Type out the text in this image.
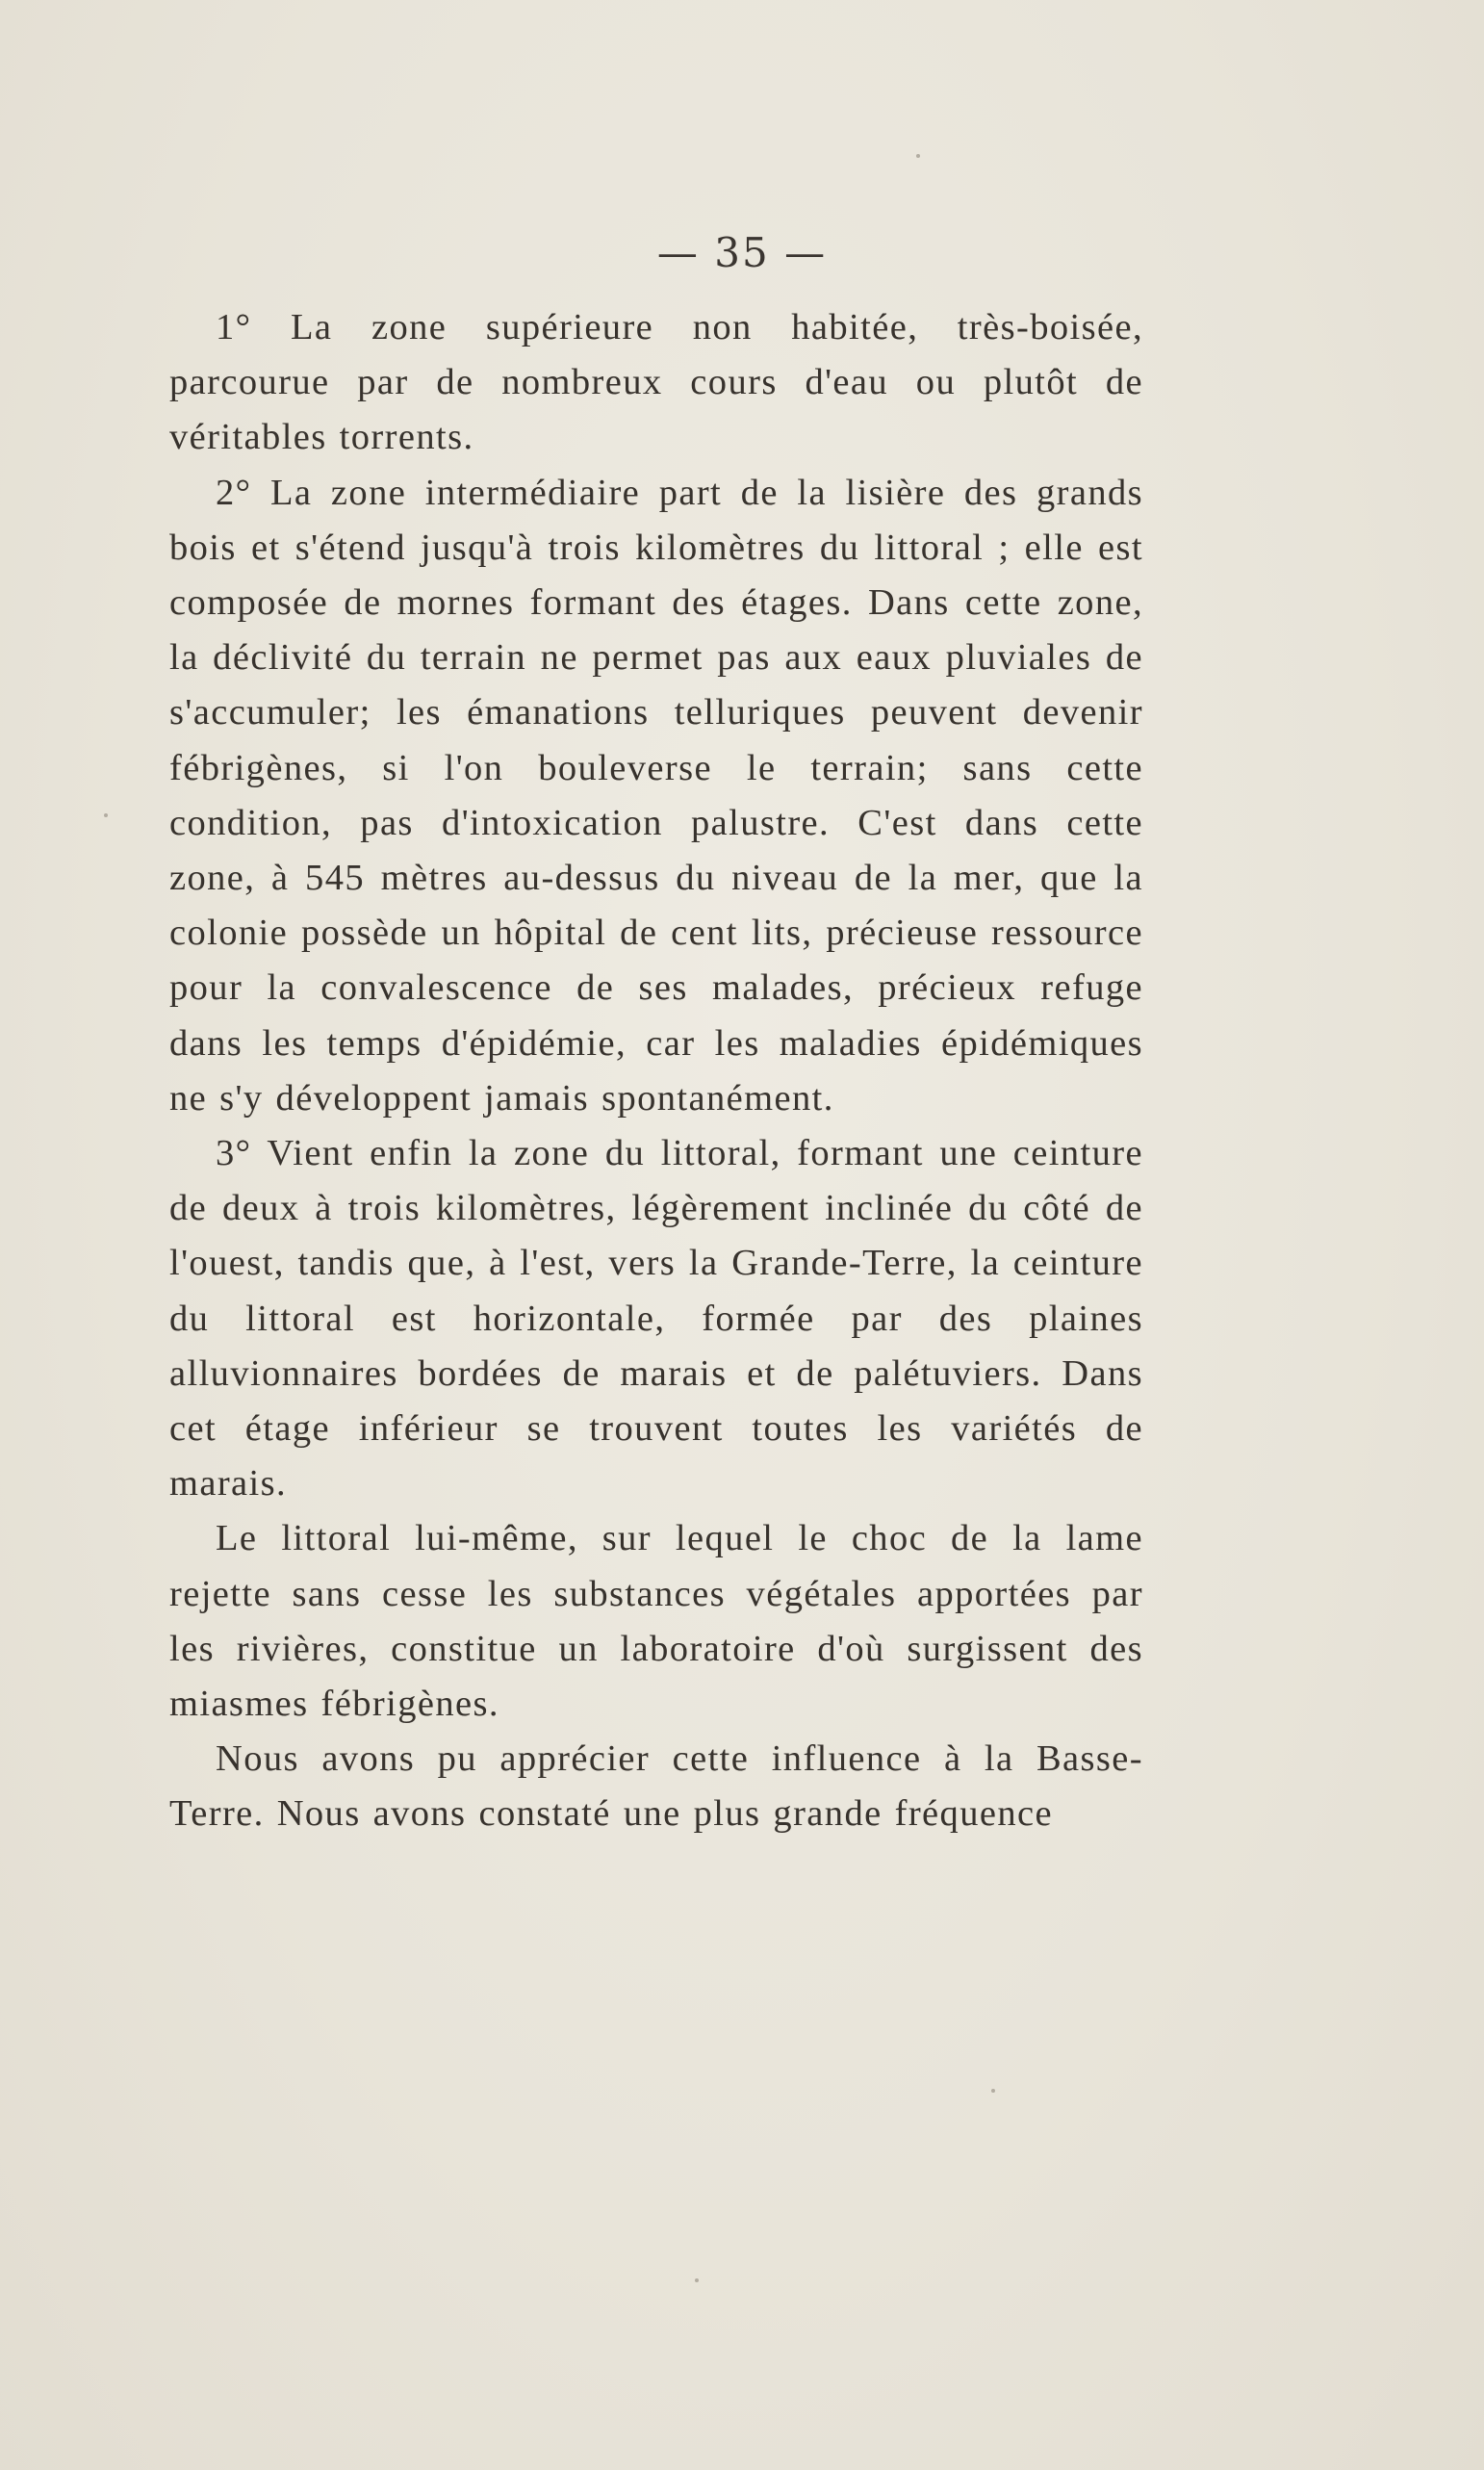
— 35 —

1° La zone supérieure non habitée, très-boisée, parcourue par de nombreux cours d'eau ou plutôt de véritables torrents.

2° La zone intermédiaire part de la lisière des grands bois et s'étend jusqu'à trois kilomètres du littoral ; elle est composée de mornes formant des étages. Dans cette zone, la déclivité du terrain ne permet pas aux eaux pluviales de s'accumuler; les émanations telluriques peuvent devenir fébrigènes, si l'on bouleverse le terrain; sans cette condition, pas d'intoxication palustre. C'est dans cette zone, à 545 mètres au-dessus du niveau de la mer, que la colonie possède un hôpital de cent lits, précieuse ressource pour la convalescence de ses malades, précieux refuge dans les temps d'épidémie, car les maladies épidémiques ne s'y développent jamais spontanément.

3° Vient enfin la zone du littoral, formant une ceinture de deux à trois kilomètres, légèrement inclinée du côté de l'ouest, tandis que, à l'est, vers la Grande-Terre, la ceinture du littoral est horizontale, formée par des plaines alluvionnaires bordées de marais et de palétuviers. Dans cet étage inférieur se trouvent toutes les variétés de marais.

Le littoral lui-même, sur lequel le choc de la lame rejette sans cesse les substances végétales apportées par les rivières, constitue un laboratoire d'où surgissent des miasmes fébrigènes.

Nous avons pu apprécier cette influence à la Basse-Terre. Nous avons constaté une plus grande fréquence
